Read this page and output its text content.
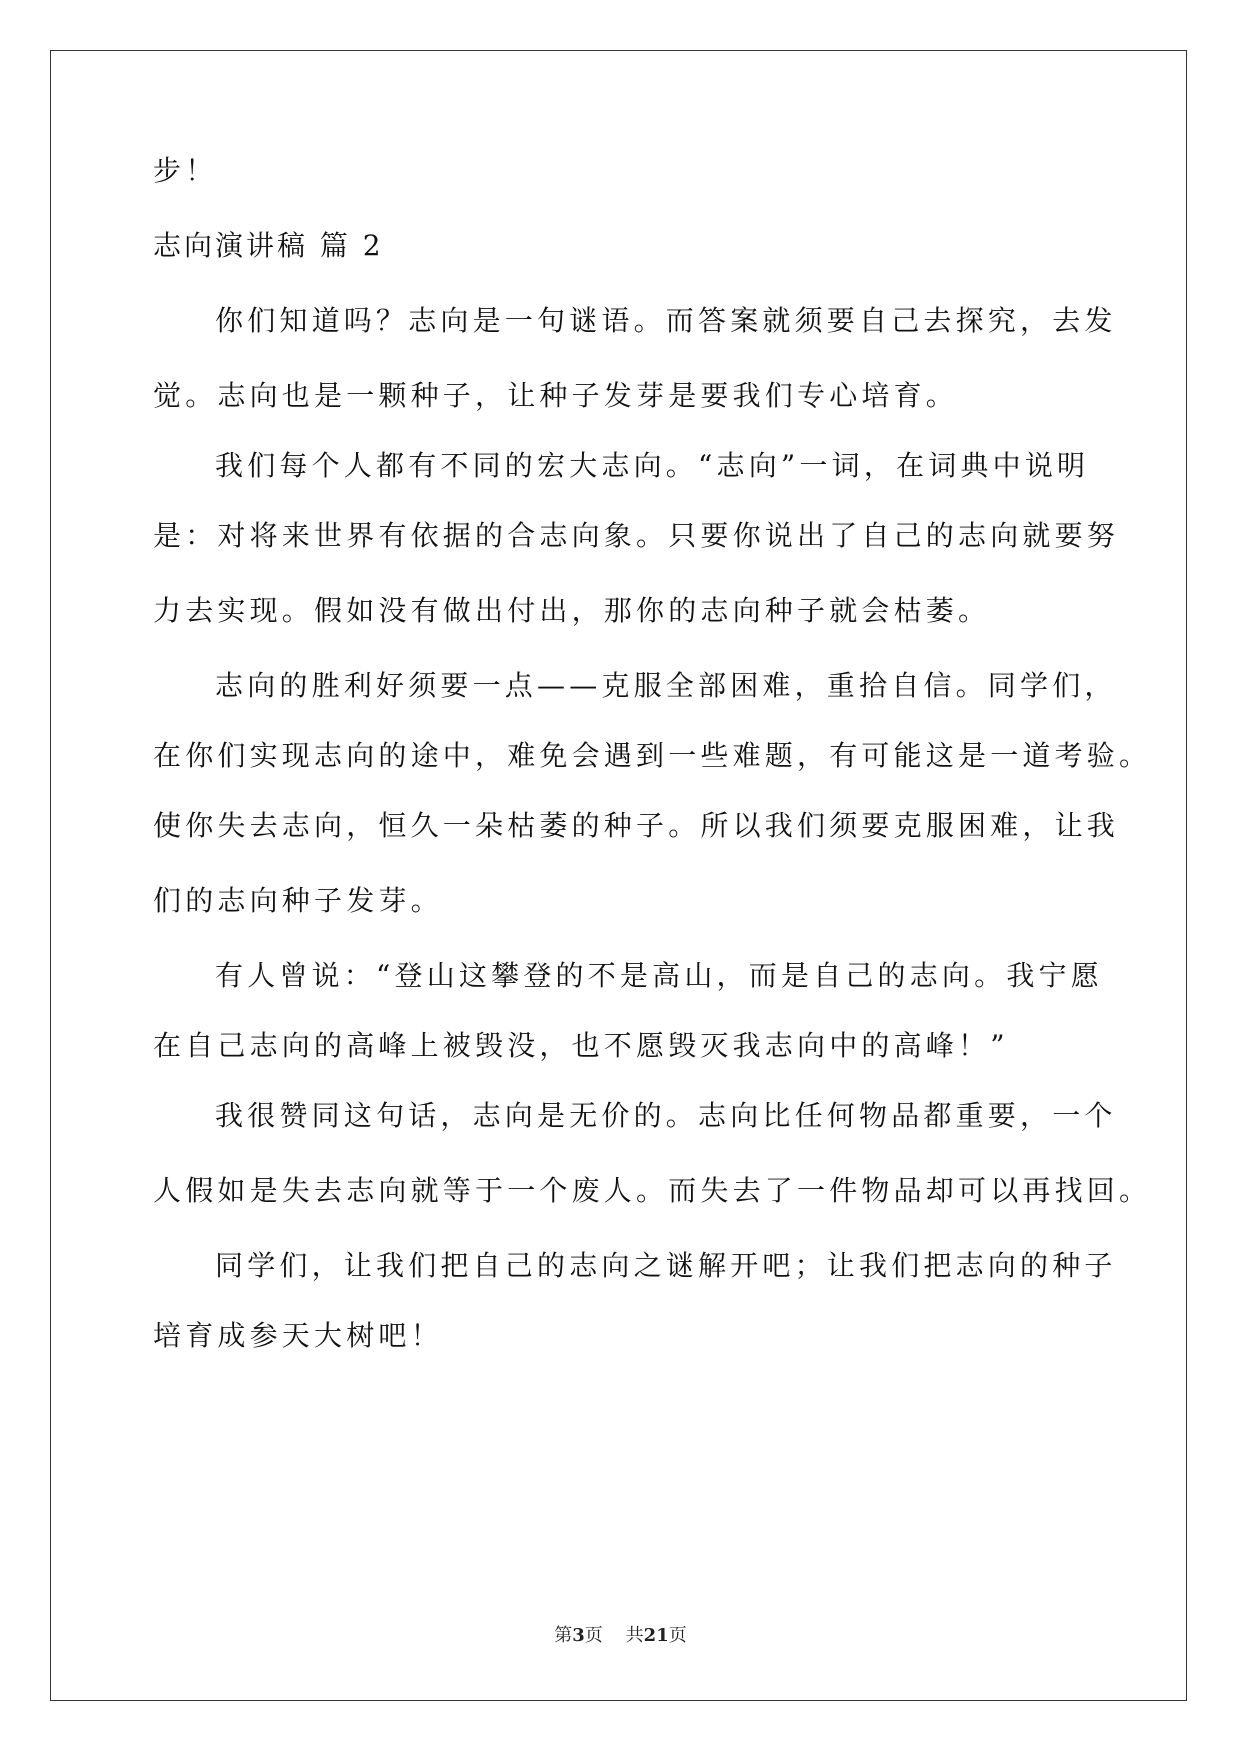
步！
志向演讲稿 篇 2
你们知道吗？志向是一句谜语。而答案就须要自己去探究，去发
觉。志向也是一颗种子，让种子发芽是要我们专心培育。
我们每个人都有不同的宏大志向。“志向”一词，在词典中说明
是：对将来世界有依据的合志向象。只要你说出了自己的志向就要努
力去实现。假如没有做出付出，那你的志向种子就会枯萎。
志向的胜利好须要一点——克服全部困难，重拾自信。同学们，
在你们实现志向的途中，难免会遇到一些难题，有可能这是一道考验。
使你失去志向，恒久一朵枯萎的种子。所以我们须要克服困难，让我
们的志向种子发芽。
有人曾说：“登山这攀登的不是高山，而是自己的志向。我宁愿
在自己志向的高峰上被毁没，也不愿毁灭我志向中的高峰！”
我很赞同这句话，志向是无价的。志向比任何物品都重要，一个
人假如是失去志向就等于一个废人。而失去了一件物品却可以再找回。
同学们，让我们把自己的志向之谜解开吧；让我们把志向的种子
培育成参天大树吧！
第3页 共21页
